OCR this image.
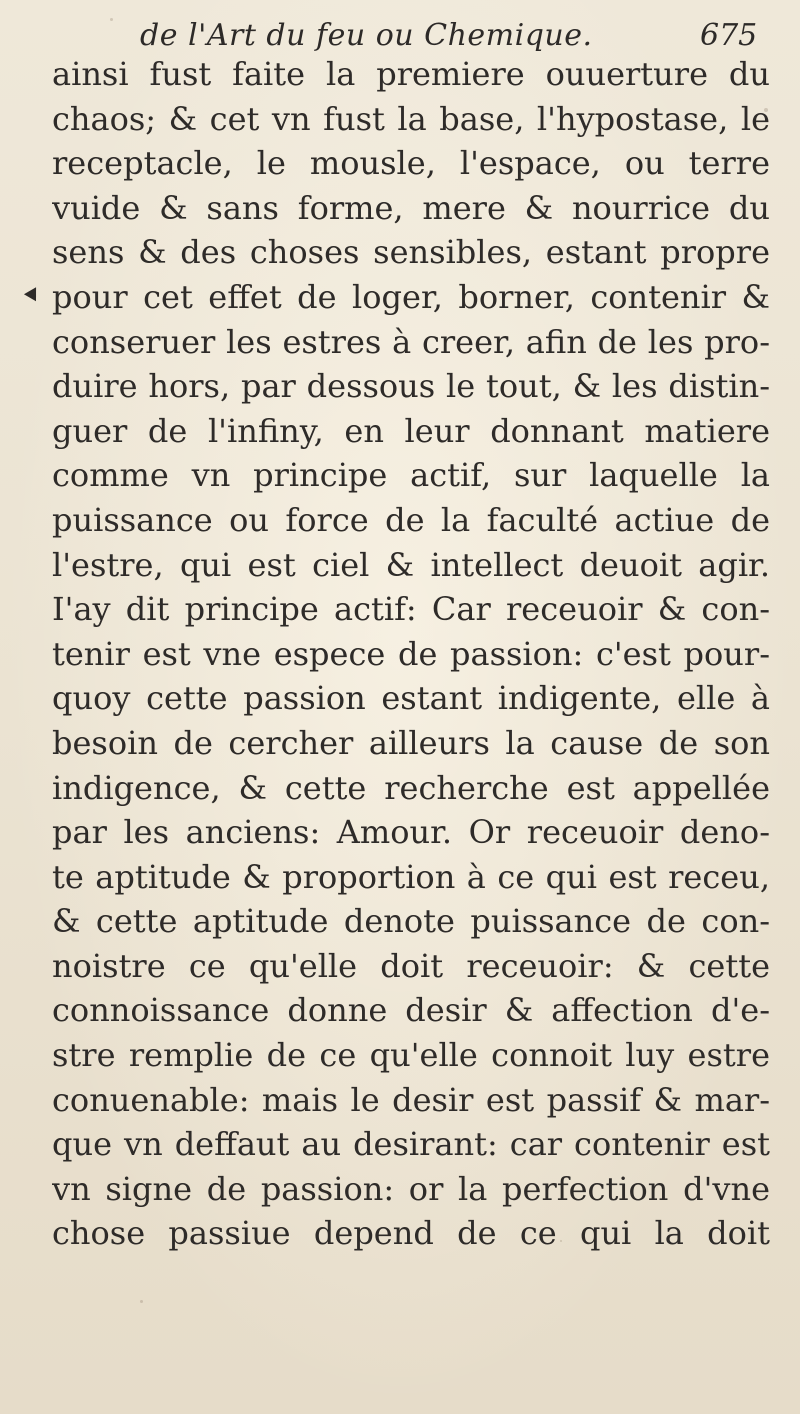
de l'Art du feu ou Chemique.	675
ainsi fust faite la premiere ouuerture du
chaos; & cet vn fust la base, l'hypostase, le
receptacle, le mousle, l'espace, ou terre
vuide & sans forme, mere & nourrice du
sens & des choses sensibles, estant propre
pour cet effet de loger, borner, contenir &
conseruer les estres à creer, afin de les pro-
duire hors, par dessous le tout, & les distin-
guer de l'infiny, en leur donnant matiere
comme vn principe actif, sur laquelle la
puissance ou force de la faculté actiue de
l'estre, qui est ciel & intellect deuoit agir.
I'ay dit principe actif: Car receuoir & con-
tenir est vne espece de passion: c'est pour-
quoy cette passion estant indigente, elle à
besoin de cercher ailleurs la cause de son
indigence, & cette recherche est appellée
par les anciens: Amour. Or receuoir deno-
te aptitude & proportion à ce qui est receu,
& cette aptitude denote puissance de con-
noistre ce qu'elle doit receuoir: & cette
connoissance donne desir & affection d'e-
stre remplie de ce qu'elle connoit luy estre
conuenable: mais le desir est passif & mar-
que vn deffaut au desirant: car contenir est
vn signe de passion: or la perfection d'vne
chose passiue depend de ce qui la doit
